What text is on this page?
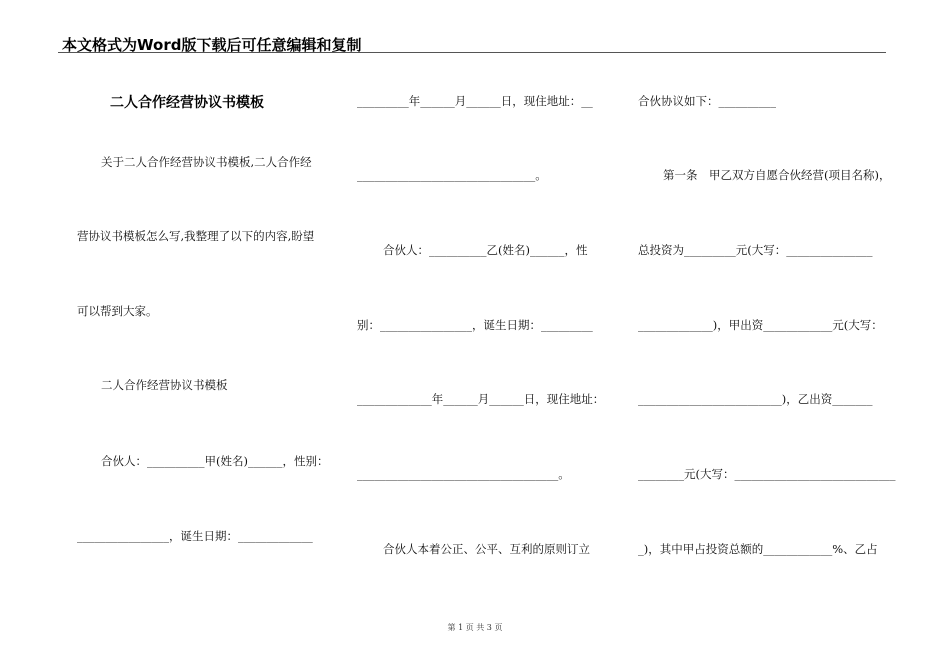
本文格式为Word版下载后可任意编辑和复制
二人合作经营协议书模板
关于二人合作经营协议书模板,二人合作经
营协议书模板怎么写,我整理了以下的内容,盼望
可以帮到大家。
二人合作经营协议书模板
合伙人：__________甲(姓名)______，性别：
________________，诞生日期：_____________
_________年______月______日，现住地址：__
_______________________________。
合伙人：__________乙(姓名)______，性
别：________________，诞生日期：_________
_____________年______月______日，现住地址：
___________________________________。
合伙人本着公正、公平、互利的原则订立
合伙协议如下：__________
第一条　甲乙双方自愿合伙经营(项目名称)，
总投资为_________元(大写：_______________
_____________)，甲出资____________元(大写：
_________________________)，乙出资_______
________元(大写：____________________________
_)，其中甲占投资总额的____________%、乙占
第 1 页 共 3 页
